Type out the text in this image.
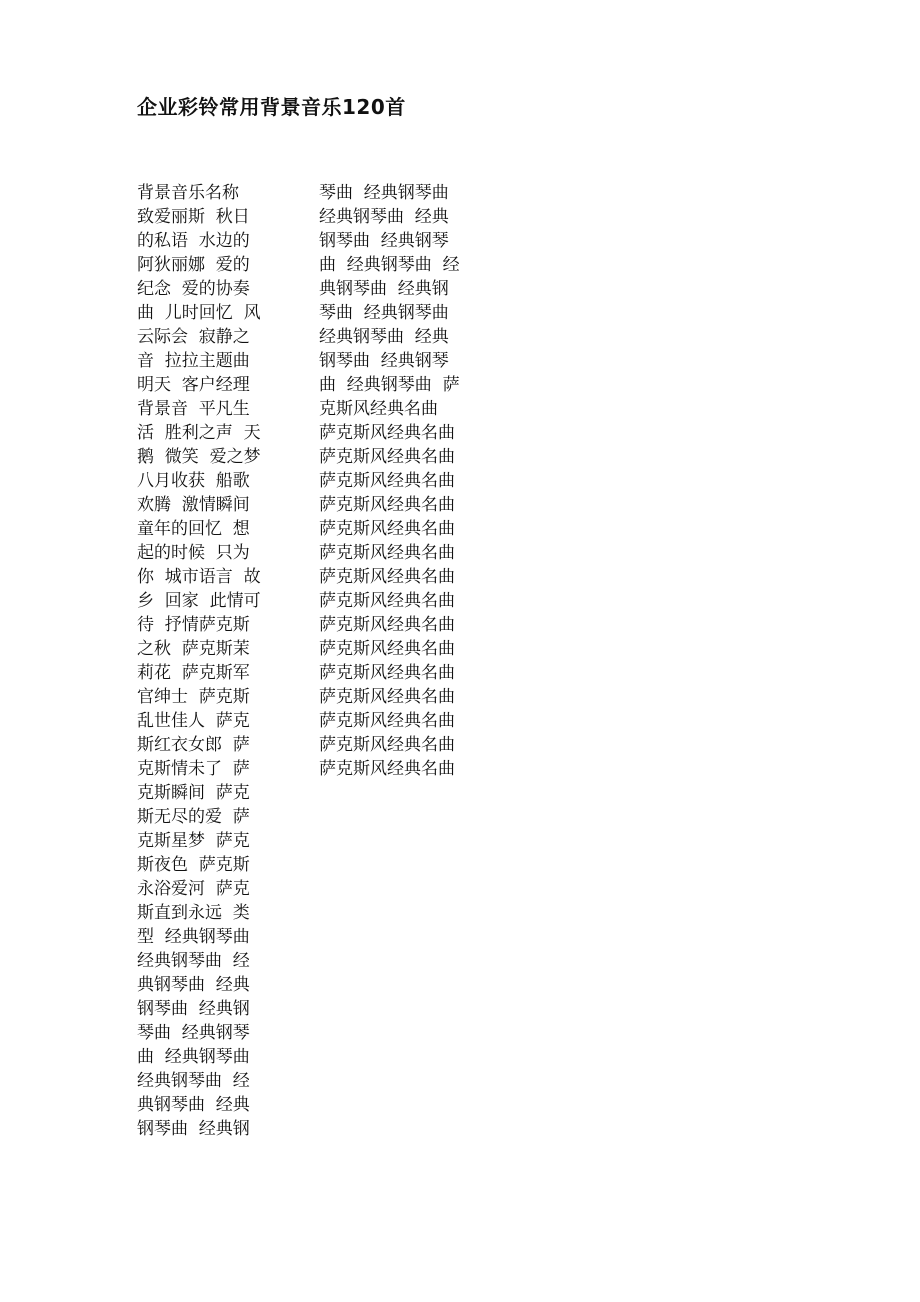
企业彩铃常用背景音乐120首
背景音乐名称
致爱丽斯  秋日
的私语  水边的
阿狄丽娜  爱的
纪念  爱的协奏
曲  儿时回忆  风
云际会  寂静之
音  拉拉主题曲
明天  客户经理
背景音  平凡生
活  胜利之声  天
鹅  微笑  爱之梦
八月收获  船歌
欢腾  激情瞬间
童年的回忆  想
起的时候  只为
你  城市语言  故
乡  回家  此情可
待  抒情萨克斯
之秋  萨克斯茉
莉花  萨克斯军
官绅士  萨克斯
乱世佳人  萨克
斯红衣女郎  萨
克斯情未了  萨
克斯瞬间  萨克
斯无尽的爱  萨
克斯星梦  萨克
斯夜色  萨克斯
永浴爱河  萨克
斯直到永远  类
型  经典钢琴曲
经典钢琴曲  经
典钢琴曲  经典
钢琴曲  经典钢
琴曲  经典钢琴
曲  经典钢琴曲
经典钢琴曲  经
典钢琴曲  经典
钢琴曲  经典钢
琴曲  经典钢琴曲
经典钢琴曲  经典
钢琴曲  经典钢琴
曲  经典钢琴曲  经
典钢琴曲  经典钢
琴曲  经典钢琴曲
经典钢琴曲  经典
钢琴曲  经典钢琴
曲  经典钢琴曲  萨
克斯风经典名曲
萨克斯风经典名曲
萨克斯风经典名曲
萨克斯风经典名曲
萨克斯风经典名曲
萨克斯风经典名曲
萨克斯风经典名曲
萨克斯风经典名曲
萨克斯风经典名曲
萨克斯风经典名曲
萨克斯风经典名曲
萨克斯风经典名曲
萨克斯风经典名曲
萨克斯风经典名曲
萨克斯风经典名曲
萨克斯风经典名曲
